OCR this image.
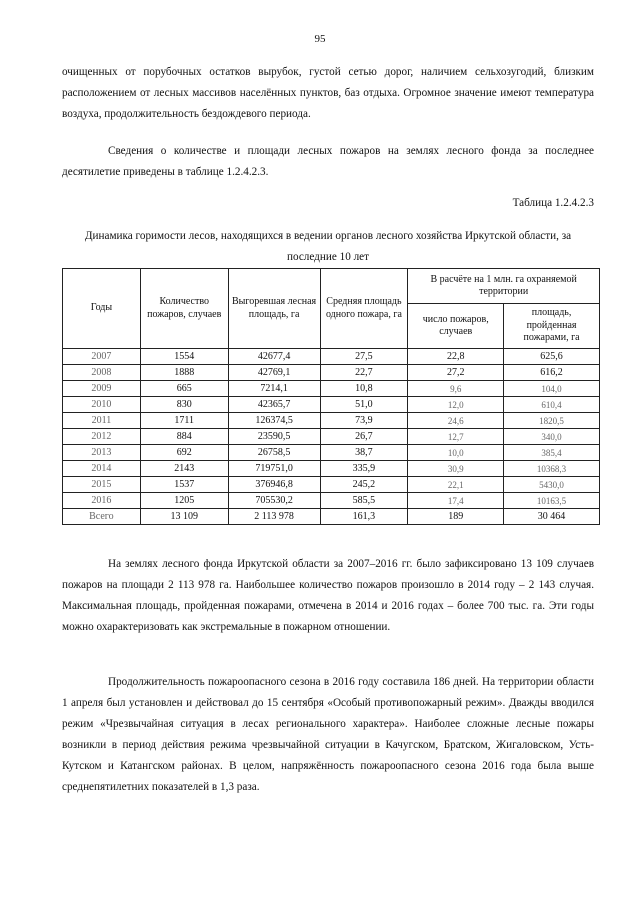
95

очищенных от порубочных остатков вырубок, густой сетью дорог, наличием сельхозугодий, близким расположением от лесных массивов населённых пунктов, баз отдыха. Огромное значение имеют температура воздуха, продолжительность бездождевого периода.

Сведения о количестве и площади лесных пожаров на землях лесного фонда за последнее десятилетие приведены в таблице 1.2.4.2.3.

Таблица 1.2.4.2.3

Динамика горимости лесов, находящихся в ведении органов лесного хозяйства Иркутской области, за последние 10 лет

Годы	Количество пожаров, случаев	Выгоревшая лесная площадь, га	Средняя площадь одного пожара, га	В расчёте на 1 млн. га охраняемой территории	
				число пожаров, случаев	площадь, пройденная пожарами, га
2007	1554	42677,4	27,5	22,8	625,6
2008	1888	42769,1	22,7	27,2	616,2
2009	665	7214,1	10,8	9,6	104,0
2010	830	42365,7	51,0	12,0	610,4
2011	1711	126374,5	73,9	24,6	1820,5
2012	884	23590,5	26,7	12,7	340,0
2013	692	26758,5	38,7	10,0	385,4
2014	2143	719751,0	335,9	30,9	10368,3
2015	1537	376946,8	245,2	22,1	5430,0
2016	1205	705530,2	585,5	17,4	10163,5
Всего	13 109	2 113 978	161,3	189	30 464

На землях лесного фонда Иркутской области за 2007–2016 гг. было зафиксировано 13 109 случаев пожаров на площади 2 113 978 га. Наибольшее количество пожаров произошло в 2014 году – 2 143 случая. Максимальная площадь, пройденная пожарами, отмечена в 2014 и 2016 годах – более 700 тыс. га. Эти годы можно охарактеризовать как экстремальные в пожарном отношении.

Продолжительность пожароопасного сезона в 2016 году составила 186 дней. На территории области 1 апреля был установлен и действовал до 15 сентября «Особый противопожарный режим». Дважды вводился режим «Чрезвычайная ситуация в лесах регионального характера». Наиболее сложные лесные пожары возникли в период действия режима чрезвычайной ситуации в Качугском, Братском, Жигаловском, Усть-Кутском и Катангском районах. В целом, напряжённость пожароопасного сезона 2016 года была выше среднепятилетних показателей в 1,3 раза.
